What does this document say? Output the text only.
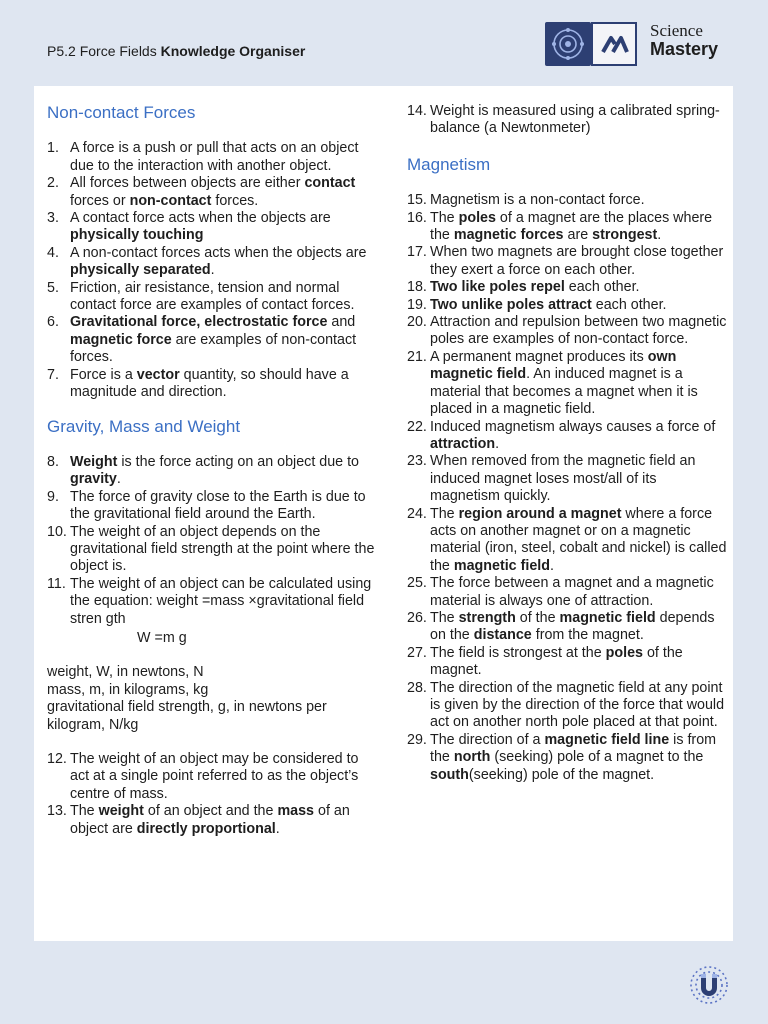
P5.2 Force Fields Knowledge Organiser
Science
Mastery
Non-contact Forces
1. A force is a push or pull that acts on an object due to the interaction with another object.
2. All forces between objects are either contact forces or non-contact forces.
3. A contact force acts when the objects are physically touching
4. A non-contact forces acts when the objects are physically separated.
5. Friction, air resistance, tension and normal contact force are examples of contact forces.
6. Gravitational force, electrostatic force and magnetic force are examples of non-contact forces.
7. Force is a vector quantity, so should have a magnitude and direction.
Gravity, Mass and Weight
8. Weight is the force acting on an object due to gravity.
9. The force of gravity close to the Earth is due to the gravitational field around the Earth.
10. The weight of an object depends on the gravitational field strength at the point where the object is.
11. The weight of an object can be calculated using the equation: weight =mass ×gravitational field stren gth
W =m g
weight, W, in newtons, N
mass, m, in kilograms, kg
gravitational field strength, g, in newtons per kilogram, N/kg
12. The weight of an object may be considered to act at a single point referred to as the object’s centre of mass.
13. The weight of an object and the mass of an object are directly proportional.
14. Weight is measured using a calibrated spring-balance (a Newtonmeter)
Magnetism
15. Magnetism is a non-contact force.
16. The poles of a magnet are the places where the magnetic forces are strongest.
17. When two magnets are brought close together they exert a force on each other.
18. Two like poles repel each other.
19. Two unlike poles attract each other.
20. Attraction and repulsion between two magnetic poles are examples of non-contact force.
21. A permanent magnet produces its own magnetic field. An induced magnet is a material that becomes a magnet when it is placed in a magnetic field.
22. Induced magnetism always causes a force of attraction.
23. When removed from the magnetic field an induced magnet loses most/all of its magnetism quickly.
24. The region around a magnet where a force acts on another magnet or on a magnetic material (iron, steel, cobalt and nickel) is called the magnetic field.
25. The force between a magnet and a magnetic material is always one of attraction.
26. The strength of the magnetic field depends on the distance from the magnet.
27. The field is strongest at the poles of the magnet.
28. The direction of the magnetic field at any point is given by the direction of the force that would act on another north pole placed at that point.
29. The direction of a magnetic field line is from the north (seeking) pole of a magnet to the south(seeking) pole of the magnet.
